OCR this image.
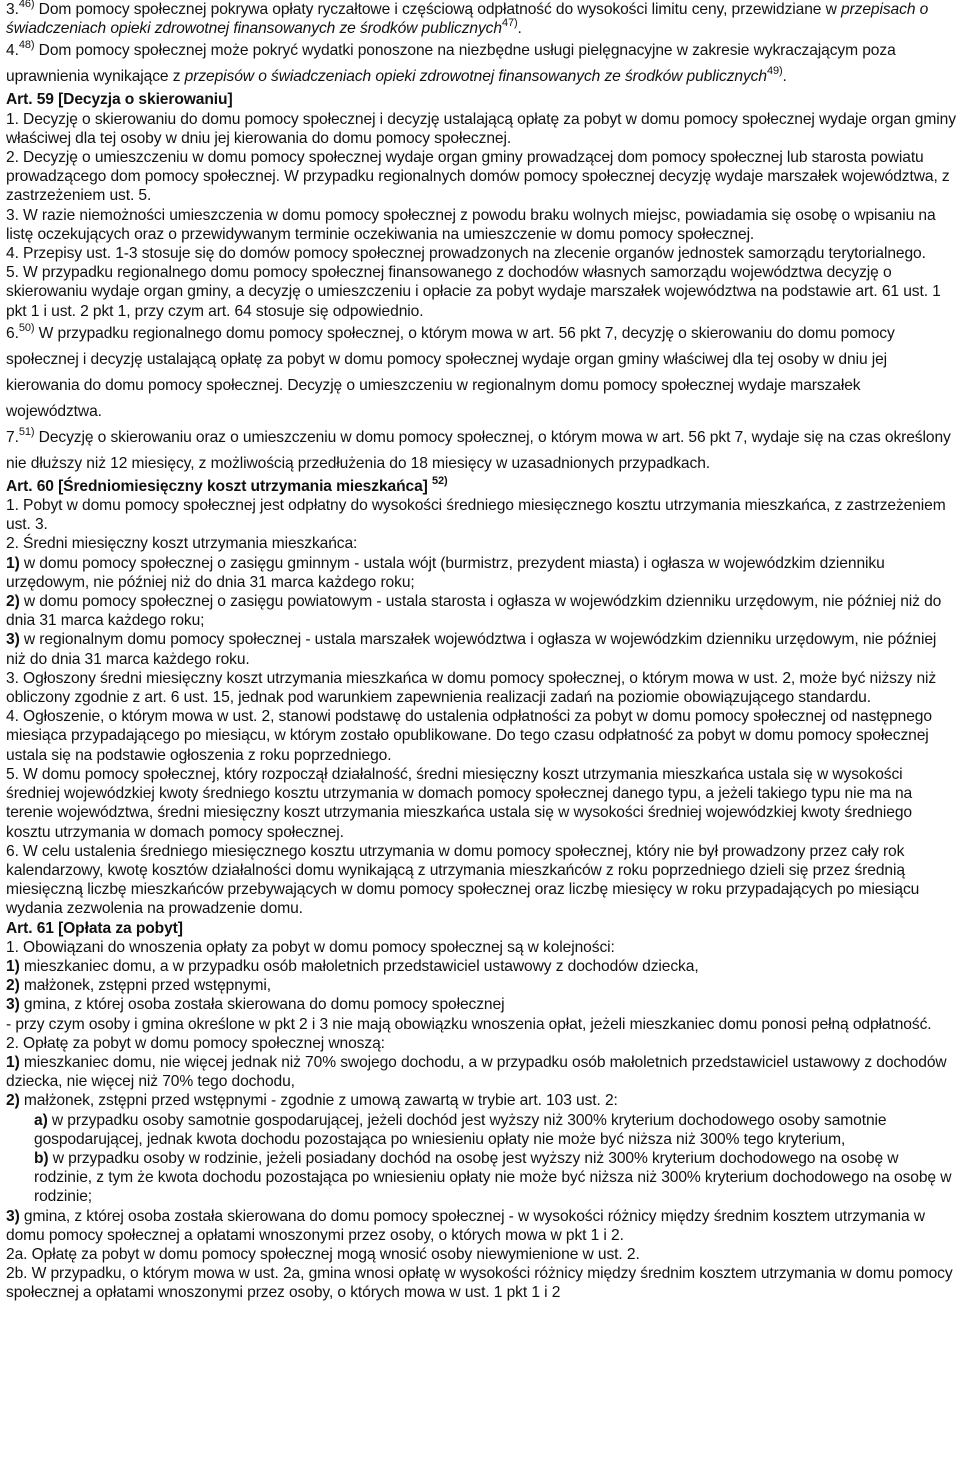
3.$^{46)}$ Dom pomocy społecznej pokrywa opłaty ryczałtowe i częściową odpłatność do wysokości limitu ceny, przewidziane w przepisach o świadczeniach opieki zdrowotnej finansowanych ze środków publicznych$^{47)}$.

4.$^{48)}$ Dom pomocy społecznej może pokryć wydatki ponoszone na niezbędne usługi pielęgnacyjne w zakresie wykraczającym poza uprawnienia wynikające z przepisów o świadczeniach opieki zdrowotnej finansowanych ze środków publicznych$^{49)}$.

Art. 59 [Decyzja o skierowaniu]

1. Decyzję o skierowaniu do domu pomocy społecznej i decyzję ustalającą opłatę za pobyt w domu pomocy społecznej wydaje organ gminy właściwej dla tej osoby w dniu jej kierowania do domu pomocy społecznej.

2. Decyzję o umieszczeniu w domu pomocy społecznej wydaje organ gminy prowadzącej dom pomocy społecznej lub starosta powiatu prowadzącego dom pomocy społecznej. W przypadku regionalnych domów pomocy społecznej decyzję wydaje marszałek województwa, z zastrzeżeniem ust. 5.

3. W razie niemożności umieszczenia w domu pomocy społecznej z powodu braku wolnych miejsc, powiadamia się osobę o wpisaniu na listę oczekujących oraz o przewidywanym terminie oczekiwania na umieszczenie w domu pomocy społecznej.

4. Przepisy ust. 1-3 stosuje się do domów pomocy społecznej prowadzonych na zlecenie organów jednostek samorządu terytorialnego.

5. W przypadku regionalnego domu pomocy społecznej finansowanego z dochodów własnych samorządu województwa decyzję o skierowaniu wydaje organ gminy, a decyzję o umieszczeniu i opłacie za pobyt wydaje marszałek województwa na podstawie art. 61 ust. 1 pkt 1 i ust. 2 pkt 1, przy czym art. 64 stosuje się odpowiednio.

6.$^{50)}$ W przypadku regionalnego domu pomocy społecznej, o którym mowa w art. 56 pkt 7, decyzję o skierowaniu do domu pomocy społecznej i decyzję ustalającą opłatę za pobyt w domu pomocy społecznej wydaje organ gminy właściwej dla tej osoby w dniu jej kierowania do domu pomocy społecznej. Decyzję o umieszczeniu w regionalnym domu pomocy społecznej wydaje marszałek województwa.

7.$^{51)}$ Decyzję o skierowaniu oraz o umieszczeniu w domu pomocy społecznej, o którym mowa w art. 56 pkt 7, wydaje się na czas określony nie dłuższy niż 12 miesięcy, z możliwością przedłużenia do 18 miesięcy w uzasadnionych przypadkach.

Art. 60 [Średniomiesięczny koszt utrzymania mieszkańca] $^{52)}$

1. Pobyt w domu pomocy społecznej jest odpłatny do wysokości średniego miesięcznego kosztu utrzymania mieszkańca, z zastrzeżeniem ust. 3.

2. Średni miesięczny koszt utrzymania mieszkańca:

1) w domu pomocy społecznej o zasięgu gminnym - ustala wójt (burmistrz, prezydent miasta) i ogłasza w wojewódzkim dzienniku urzędowym, nie później niż do dnia 31 marca każdego roku;

2) w domu pomocy społecznej o zasięgu powiatowym - ustala starosta i ogłasza w wojewódzkim dzienniku urzędowym, nie później niż do dnia 31 marca każdego roku;

3) w regionalnym domu pomocy społecznej - ustala marszałek województwa i ogłasza w wojewódzkim dzienniku urzędowym, nie później niż do dnia 31 marca każdego roku.

3. Ogłoszony średni miesięczny koszt utrzymania mieszkańca w domu pomocy społecznej, o którym mowa w ust. 2, może być niższy niż obliczony zgodnie z art. 6 ust. 15, jednak pod warunkiem zapewnienia realizacji zadań na poziomie obowiązującego standardu.

4. Ogłoszenie, o którym mowa w ust. 2, stanowi podstawę do ustalenia odpłatności za pobyt w domu pomocy społecznej od następnego miesiąca przypadającego po miesiącu, w którym zostało opublikowane. Do tego czasu odpłatność za pobyt w domu pomocy społecznej ustala się na podstawie ogłoszenia z roku poprzedniego.

5. W domu pomocy społecznej, który rozpoczął działalność, średni miesięczny koszt utrzymania mieszkańca ustala się w wysokości średniej wojewódzkiej kwoty średniego kosztu utrzymania w domach pomocy społecznej danego typu, a jeżeli takiego typu nie ma na terenie województwa, średni miesięczny koszt utrzymania mieszkańca ustala się w wysokości średniej wojewódzkiej kwoty średniego kosztu utrzymania w domach pomocy społecznej.

6. W celu ustalenia średniego miesięcznego kosztu utrzymania w domu pomocy społecznej, który nie był prowadzony przez cały rok kalendarzowy, kwotę kosztów działalności domu wynikającą z utrzymania mieszkańców z roku poprzedniego dzieli się przez średnią miesięczną liczbę mieszkańców przebywających w domu pomocy społecznej oraz liczbę miesięcy w roku przypadających po miesiącu wydania zezwolenia na prowadzenie domu.

Art. 61 [Opłata za pobyt]

1. Obowiązani do wnoszenia opłaty za pobyt w domu pomocy społecznej są w kolejności:

1) mieszkaniec domu, a w przypadku osób małoletnich przedstawiciel ustawowy z dochodów dziecka,

2) małżonek, zstępni przed wstępnymi,

3) gmina, z której osoba została skierowana do domu pomocy społecznej

- przy czym osoby i gmina określone w pkt 2 i 3 nie mają obowiązku wnoszenia opłat, jeżeli mieszkaniec domu ponosi pełną odpłatność.

2. Opłatę za pobyt w domu pomocy społecznej wnoszą:

1) mieszkaniec domu, nie więcej jednak niż 70% swojego dochodu, a w przypadku osób małoletnich przedstawiciel ustawowy z dochodów dziecka, nie więcej niż 70% tego dochodu,

2) małżonek, zstępni przed wstępnymi - zgodnie z umową zawartą w trybie art. 103 ust. 2:

a) w przypadku osoby samotnie gospodarującej, jeżeli dochód jest wyższy niż 300% kryterium dochodowego osoby samotnie gospodarującej, jednak kwota dochodu pozostająca po wniesieniu opłaty nie może być niższa niż 300% tego kryterium,

b) w przypadku osoby w rodzinie, jeżeli posiadany dochód na osobę jest wyższy niż 300% kryterium dochodowego na osobę w rodzinie, z tym że kwota dochodu pozostająca po wniesieniu opłaty nie może być niższa niż 300% kryterium dochodowego na osobę w rodzinie;

3) gmina, z której osoba została skierowana do domu pomocy społecznej - w wysokości różnicy między średnim kosztem utrzymania w domu pomocy społecznej a opłatami wnoszonymi przez osoby, o których mowa w pkt 1 i 2.

2a. Opłatę za pobyt w domu pomocy społecznej mogą wnosić osoby niewymienione w ust. 2.

2b. W przypadku, o którym mowa w ust. 2a, gmina wnosi opłatę w wysokości różnicy między średnim kosztem utrzymania w domu pomocy społecznej a opłatami wnoszonymi przez osoby, o których mowa w ust. 1 pkt 1 i 2
